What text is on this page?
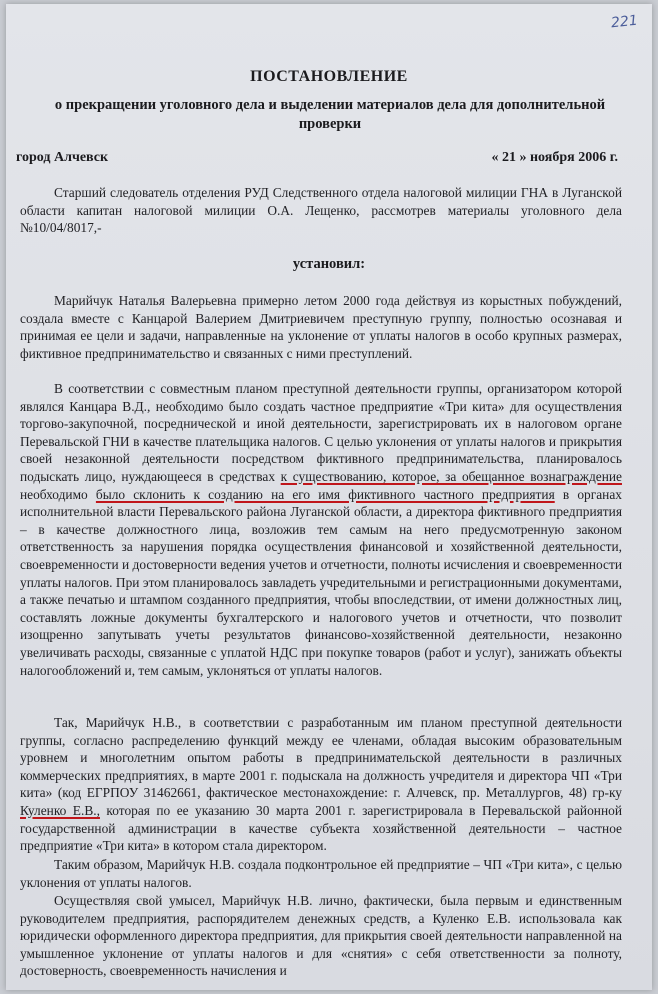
221
ПОСТАНОВЛЕНИЕ
о прекращении уголовного дела и выделении материалов дела для дополнительной проверки
город Алчевск	« 21 » ноября 2006 г.

Старший следователь отделения РУД Следственного отдела налоговой милиции ГНА в Луганской области капитан налоговой милиции О.А. Лещенко, рассмотрев материалы уголовного дела №10/04/8017,-

установил:

Марийчук Наталья Валерьевна примерно летом 2000 года действуя из корыстных побуждений, создала вместе с Канцарой Валерием Дмитриевичем преступную группу, полностью осознавая и принимая ее цели и задачи, направленные на уклонение от уплаты налогов в особо крупных размерах, фиктивное предпринимательство и связанных с ними преступлений.

В соответствии с совместным планом преступной деятельности группы, организатором которой являлся Канцара В.Д., необходимо было создать частное предприятие «Три кита» для осуществления торгово-закупочной, посреднической и иной деятельности, зарегистрировать их в налоговом органе Перевальской ГНИ в качестве плательщика налогов. С целью уклонения от уплаты налогов и прикрытия своей незаконной деятельности посредством фиктивного предпринимательства, планировалось подыскать лицо, нуждающееся в средствах к существованию, которое, за обещанное вознаграждение необходимо было склонить к созданию на его имя фиктивного частного предприятия в органах исполнительной власти Перевальского района Луганской области, а директора фиктивного предприятия – в качестве должностного лица, возложив тем самым на него предусмотренную законом ответственность за нарушения порядка осуществления финансовой и хозяйственной деятельности, своевременности и достоверности ведения учетов и отчетности, полноты исчисления и своевременности уплаты налогов. При этом планировалось завладеть учредительными и регистрационными документами, а также печатью и штампом созданного предприятия, чтобы впоследствии, от имени должностных лиц, составлять ложные документы бухгалтерского и налогового учетов и отчетности, что позволит изощренно запутывать учеты результатов финансово-хозяйственной деятельности, незаконно увеличивать расходы, связанные с уплатой НДС при покупке товаров (работ и услуг), занижать объекты налогообложений и, тем самым, уклоняться от уплаты налогов.

Так, Марийчук Н.В., в соответствии с разработанным им планом преступной деятельности группы, согласно распределению функций между ее членами, обладая высоким образовательным уровнем и многолетним опытом работы в предпринимательской деятельности в различных коммерческих предприятиях, в марте 2001 г. подыскала на должность учредителя и директора ЧП «Три кита» (код ЕГРПОУ 31462661, фактическое местонахождение: г. Алчевск, пр. Металлургов, 48) гр-ку Куленко Е.В., которая по ее указанию 30 марта 2001 г. зарегистрировала в Перевальской районной государственной администрации в качестве субъекта хозяйственной деятельности – частное предприятие «Три кита» в котором стала директором.

Таким образом, Марийчук Н.В. создала подконтрольное ей предприятие – ЧП «Три кита», с целью уклонения от уплаты налогов.

Осуществляя свой умысел, Марийчук Н.В. лично, фактически, была первым и единственным руководителем предприятия, распорядителем денежных средств, а Куленко Е.В. использовала как юридически оформленного директора предприятия, для прикрытия своей деятельности направленной на умышленное уклонение от уплаты налогов и для «снятия» с себя ответственности за полноту, достоверность, своевременность начисления и
